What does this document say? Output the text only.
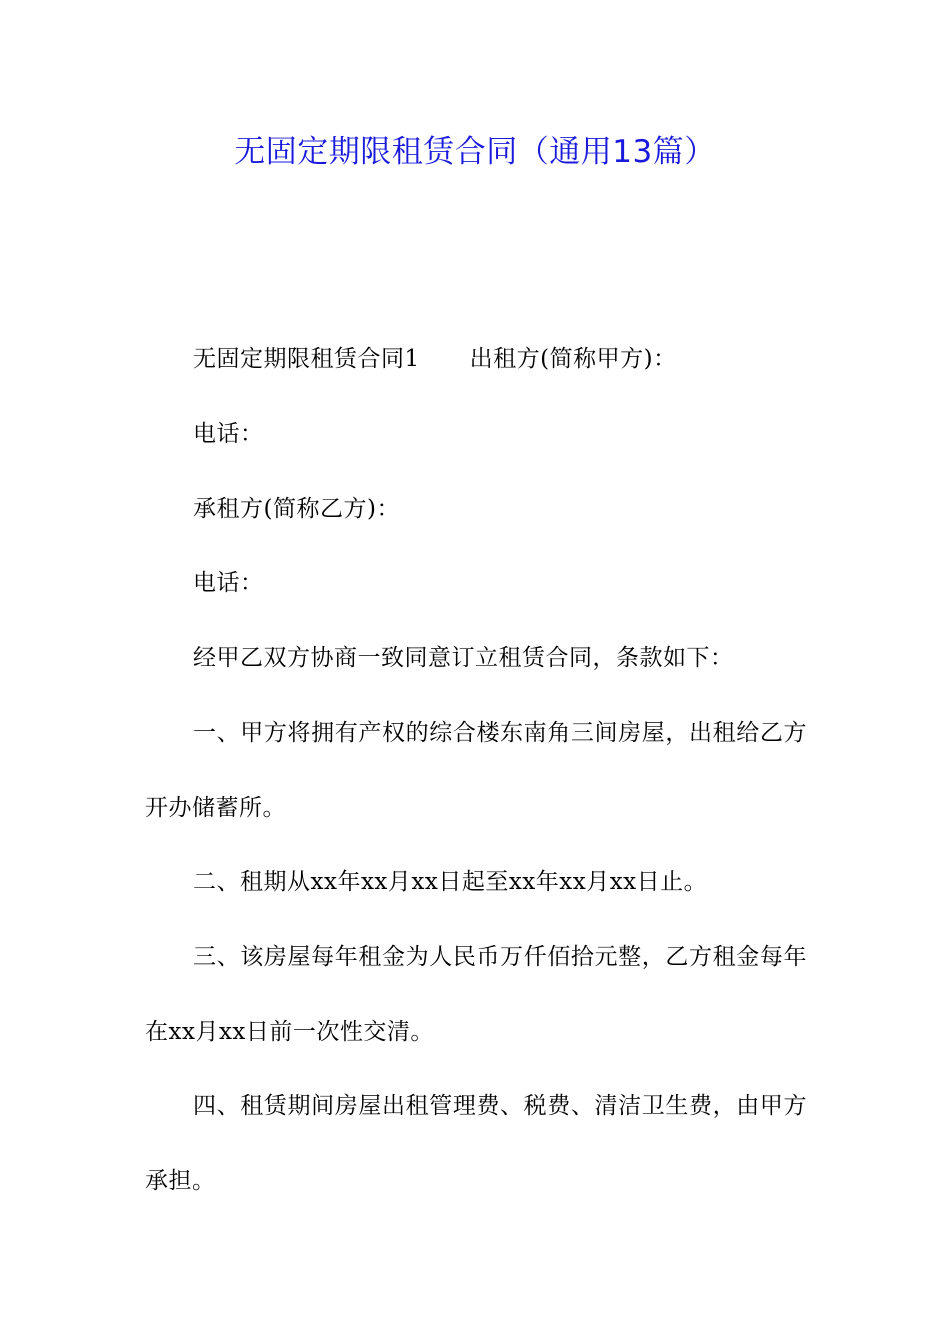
无固定期限租赁合同（通用13篇）

无固定期限租赁合同1 出租方(简称甲方)：

电话：

承租方(简称乙方)：

电话：

经甲乙双方协商一致同意订立租赁合同，条款如下：

一、甲方将拥有产权的综合楼东南角三间房屋，出租给乙方开办储蓄所。

二、租期从xx年xx月xx日起至xx年xx月xx日止。

三、该房屋每年租金为人民币万仟佰拾元整，乙方租金每年在xx月xx日前一次性交清。

四、租赁期间房屋出租管理费、税费、清洁卫生费，由甲方承担。
